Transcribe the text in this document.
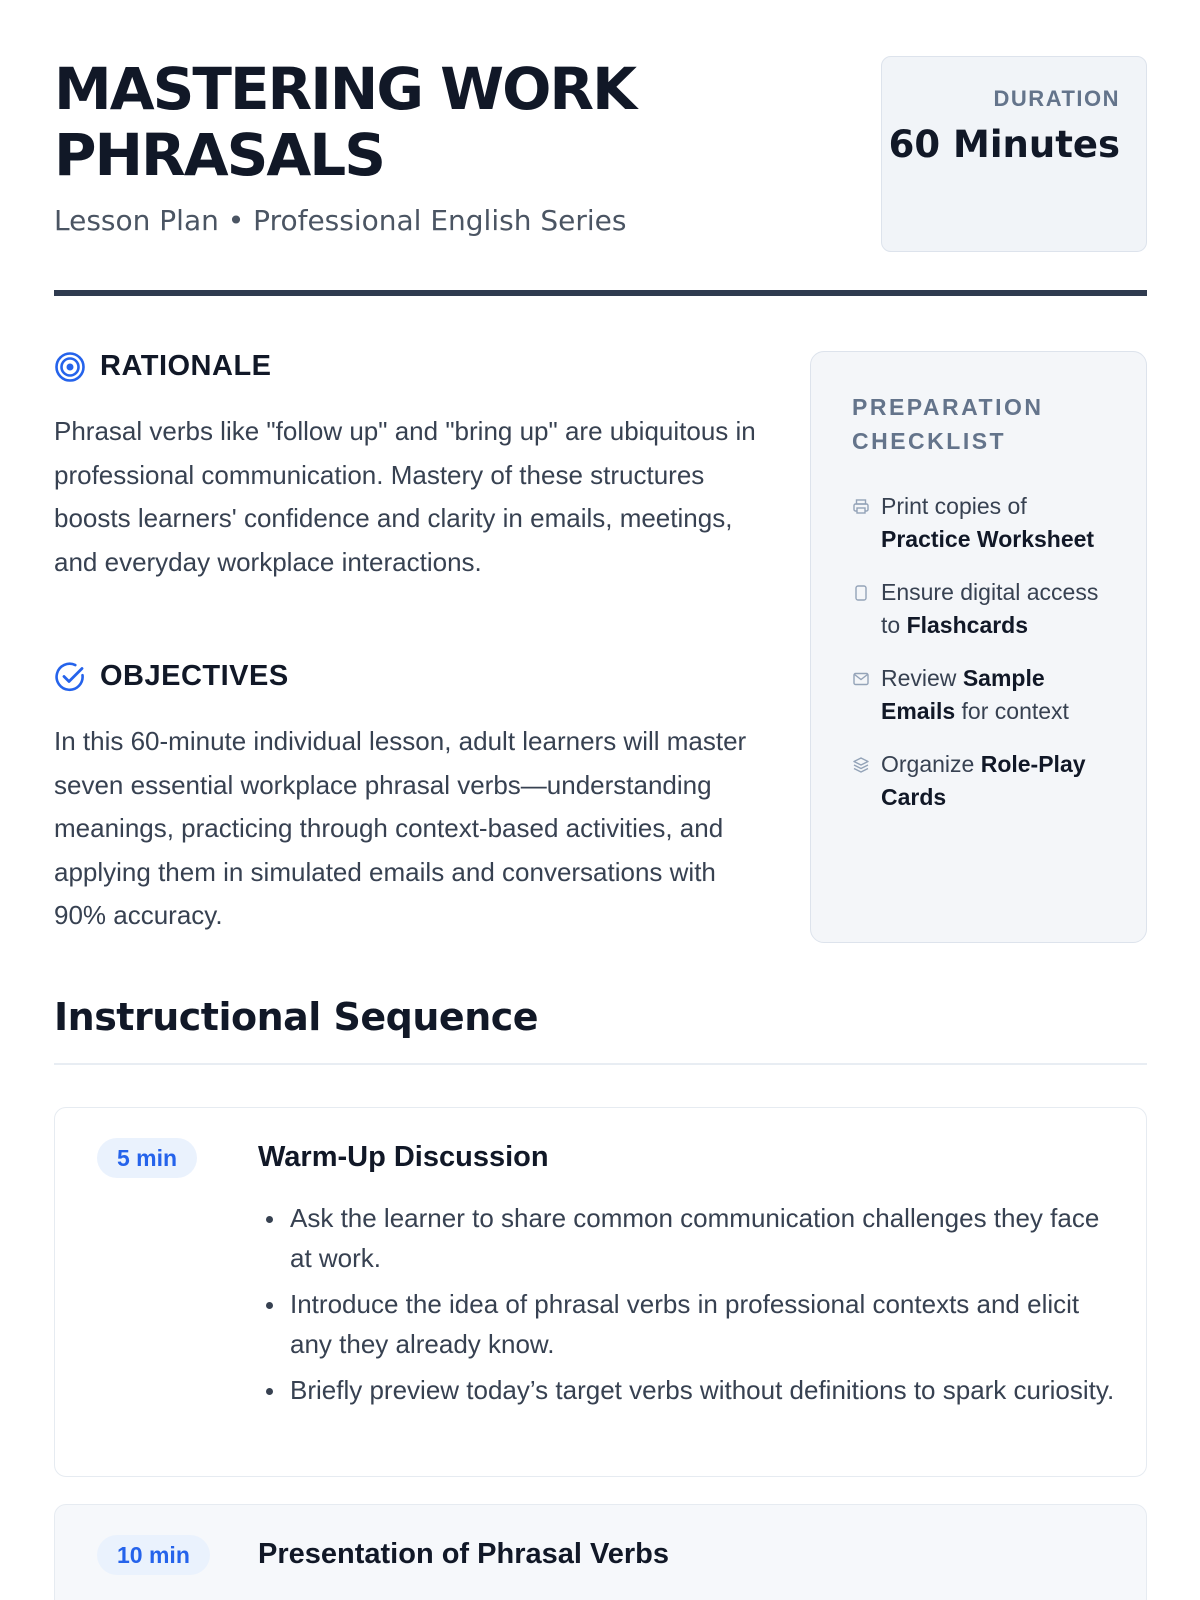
MASTERING WORK PHRASALS
Lesson Plan • Professional English Series
DURATION
60 Minutes
RATIONALE

Phrasal verbs like "follow up" and "bring up" are ubiquitous in professional communication. Mastery of these structures boosts learners' confidence and clarity in emails, meetings, and everyday workplace interactions.

OBJECTIVES

In this 60-minute individual lesson, adult learners will master seven essential workplace phrasal verbs—understanding meanings, practicing through context-based activities, and applying them in simulated emails and conversations with 90% accuracy.

PREPARATION CHECKLIST
Print copies of Practice Worksheet
Ensure digital access to Flashcards
Review Sample Emails for context
Organize Role-Play Cards
Instructional Sequence
5 min	Warm-Up Discussion
Ask the learner to share common communication challenges they face at work.
Introduce the idea of phrasal verbs in professional contexts and elicit any they already know.
Briefly preview today’s target verbs without definitions to spark curiosity.
10 min	Presentation of Phrasal Verbs
